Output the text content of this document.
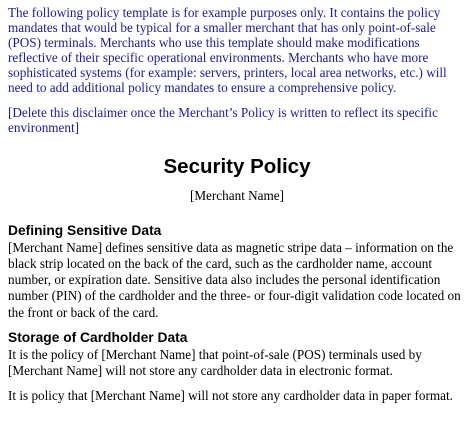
The following policy template is for example purposes only. It contains the policy mandates that would be typical for a smaller merchant that has only point-of-sale (POS) terminals. Merchants who use this template should make modifications reflective of their specific operational environments. Merchants who have more sophisticated systems (for example: servers, printers, local area networks, etc.) will need to add additional policy mandates to ensure a comprehensive policy.

[Delete this disclaimer once the Merchant’s Policy is written to reflect its specific environment]

Security Policy
[Merchant Name]
Defining Sensitive Data

[Merchant Name] defines sensitive data as magnetic stripe data – information on the black strip located on the back of the card, such as the cardholder name, account number, or expiration date. Sensitive data also includes the personal identification number (PIN) of the cardholder and the three- or four-digit validation code located on the front or back of the card.

Storage of Cardholder Data

It is the policy of [Merchant Name] that point-of-sale (POS) terminals used by [Merchant Name] will not store any cardholder data in electronic format.

It is policy that [Merchant Name] will not store any cardholder data in paper format.
